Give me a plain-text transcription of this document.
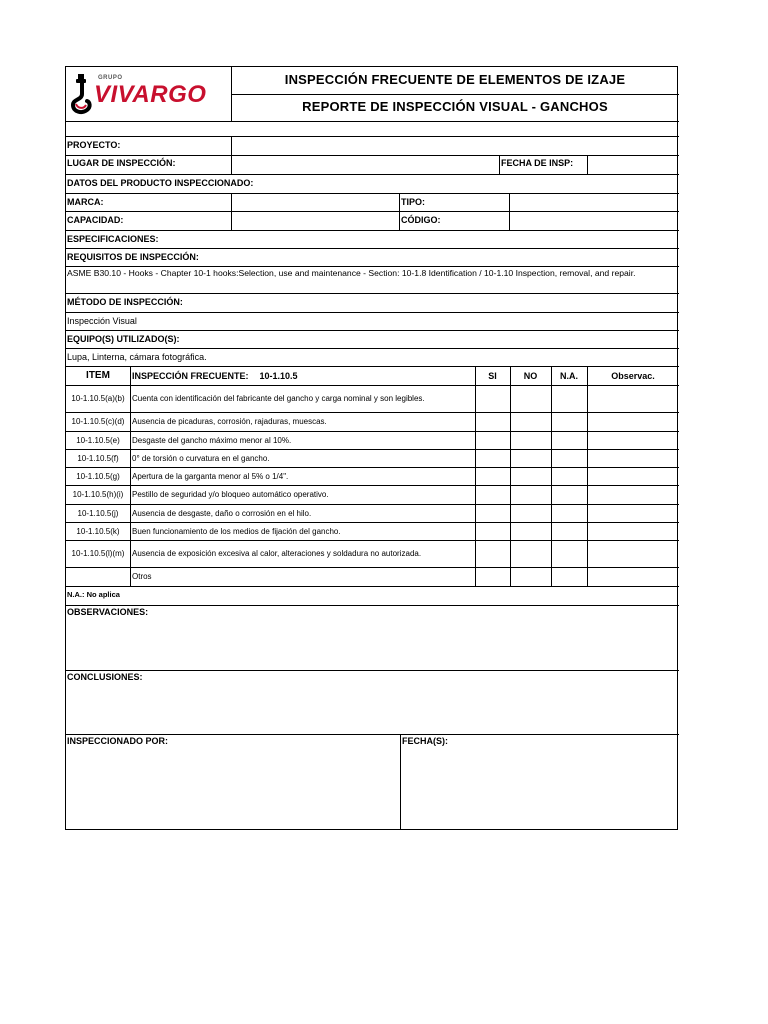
GRUPO
VIVARGO
INSPECCIÓN FRECUENTE DE ELEMENTOS DE IZAJE
REPORTE DE INSPECCIÓN VISUAL - GANCHOS
PROYECTO:
LUGAR DE INSPECCIÓN:	FECHA DE INSP:
DATOS DEL PRODUCTO INSPECCIONADO:
MARCA:	TIPO:
CAPACIDAD:	CÓDIGO:
ESPECIFICACIONES:
REQUISITOS DE INSPECCIÓN:
ASME B30.10 - Hooks - Chapter 10-1 hooks:Selection, use and maintenance - Section: 10-1.8 Identification / 10-1.10 Inspection, removal, and repair.
MÉTODO DE INSPECCIÓN:
Inspección Visual
EQUIPO(S) UTILIZADO(S):
Lupa, Linterna, cámara fotográfica.
ITEM	INSPECCIÓN FRECUENTE: 10-1.10.5	SI	NO	N.A.	Observac.
10-1.10.5(a)(b) Cuenta con identificación del fabricante del gancho y carga nominal y son legibles.
10-1.10.5(c)(d) Ausencia de picaduras, corrosión, rajaduras, muescas.
10-1.10.5(e)	Desgaste del gancho máximo menor al 10%.
10-1.10.5(f)	0° de torsión o curvatura en el gancho.
10-1.10.5(g)	Apertura de la garganta menor al 5% o 1/4".
10-1.10.5(h)(i)	Pestillo de seguridad y/o bloqueo automático operativo.
10-1.10.5(j)	Ausencia de desgaste, daño o corrosión en el hilo.
10-1.10.5(k)	Buen funcionamiento de los medios de fijación del gancho.
10-1.10.5(l)(m) Ausencia de exposición excesiva al calor, alteraciones y soldadura no autorizada.
Otros
N.A.: No aplica
OBSERVACIONES:
CONCLUSIONES:
INSPECCIONADO POR:	FECHA(S):
